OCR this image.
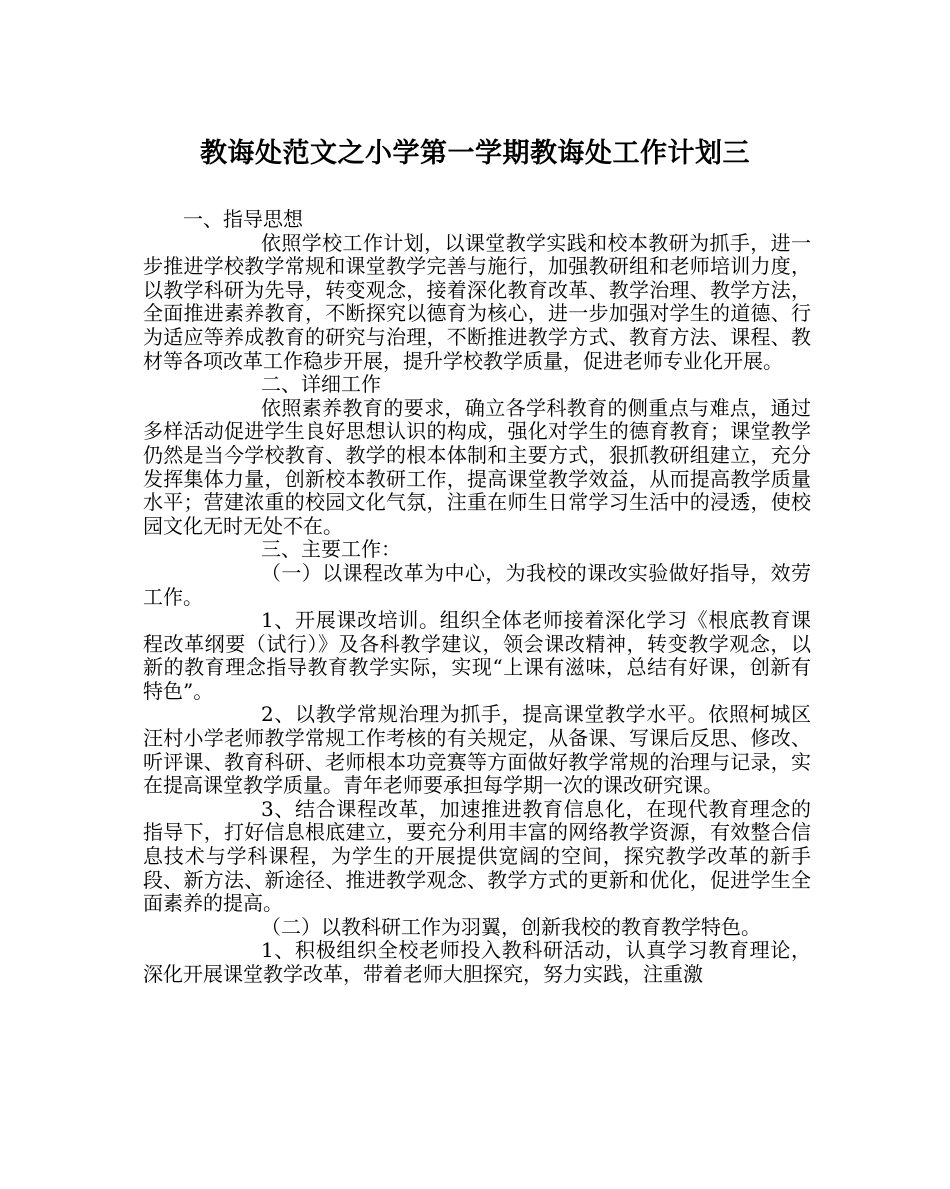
教诲处范文之小学第一学期教诲处工作计划三

一、指导思想

依照学校工作计划，以课堂教学实践和校本教研为抓手，进一步推进学校教学常规和课堂教学完善与施行，加强教研组和老师培训力度，以教学科研为先导，转变观念，接着深化教育改革、教学治理、教学方法，全面推进素养教育，不断探究以德育为核心，进一步加强对学生的道德、行为适应等养成教育的研究与治理，不断推进教学方式、教育方法、课程、教材等各项改革工作稳步开展，提升学校教学质量，促进老师专业化开展。

二、详细工作

依照素养教育的要求，确立各学科教育的侧重点与难点，通过多样活动促进学生良好思想认识的构成，强化对学生的德育教育；课堂教学仍然是当今学校教育、教学的根本体制和主要方式，狠抓教研组建立，充分发挥集体力量，创新校本教研工作，提高课堂教学效益，从而提高教学质量水平；营建浓重的校园文化气氛，注重在师生日常学习生活中的浸透，使校园文化无时无处不在。

三、主要工作：

（一）以课程改革为中心，为我校的课改实验做好指导，效劳工作。

1、开展课改培训。组织全体老师接着深化学习《根底教育课程改革纲要（试行）》及各科教学建议，领会课改精神，转变教学观念，以新的教育理念指导教育教学实际，实现“上课有滋味，总结有好课，创新有特色”。

2、以教学常规治理为抓手，提高课堂教学水平。依照柯城区汪村小学老师教学常规工作考核的有关规定，从备课、写课后反思、修改、听评课、教育科研、老师根本功竞赛等方面做好教学常规的治理与记录，实在提高课堂教学质量。青年老师要承担每学期一次的课改研究课。

3、结合课程改革，加速推进教育信息化，在现代教育理念的指导下，打好信息根底建立，要充分利用丰富的网络教学资源，有效整合信息技术与学科课程，为学生的开展提供宽阔的空间，探究教学改革的新手段、新方法、新途径、推进教学观念、教学方式的更新和优化，促进学生全面素养的提高。

（二）以教科研工作为羽翼，创新我校的教育教学特色。

1、积极组织全校老师投入教科研活动，认真学习教育理论，深化开展课堂教学改革，带着老师大胆探究，努力实践，注重激
